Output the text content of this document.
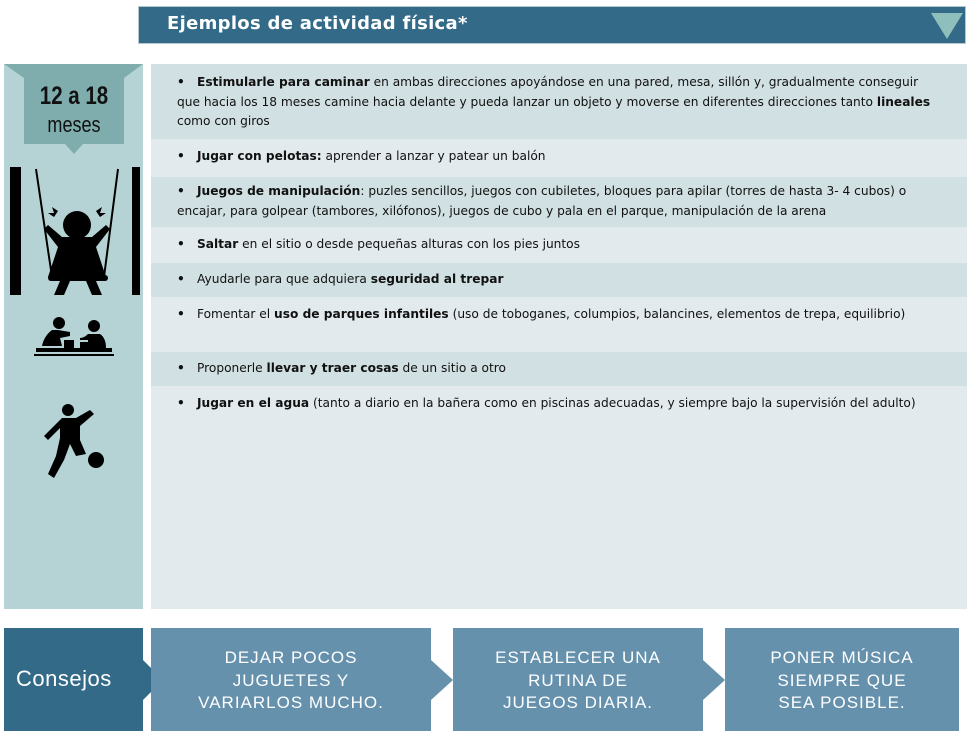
Ejemplos de actividad física*
12 a 18
meses
• Estimularle para caminar en ambas direcciones apoyándose en una pared, mesa, sillón y, gradualmente conseguir que hacia los 18 meses camine hacia delante y pueda lanzar un objeto y moverse en diferentes direcciones tanto lineales como con giros
• Jugar con pelotas: aprender a lanzar y patear un balón
• Juegos de manipulación: puzles sencillos, juegos con cubiletes, bloques para apilar (torres de hasta 3- 4 cubos) o encajar, para golpear (tambores, xilófonos), juegos de cubo y pala en el parque, manipulación de la arena
• Saltar en el sitio o desde pequeñas alturas con los pies juntos
• Ayudarle para que adquiera seguridad al trepar
• Fomentar el uso de parques infantiles (uso de toboganes, columpios, balancines, elementos de trepa, equilibrio)
• Proponerle llevar y traer cosas de un sitio a otro
• Jugar en el agua (tanto a diario en la bañera como en piscinas adecuadas, y siempre bajo la supervisión del adulto)
Consejos
DEJAR POCOS
JUGUETES Y
VARIARLOS MUCHO.
ESTABLECER UNA
RUTINA DE
JUEGOS DIARIA.
PONER MÚSICA
SIEMPRE QUE
SEA POSIBLE.
